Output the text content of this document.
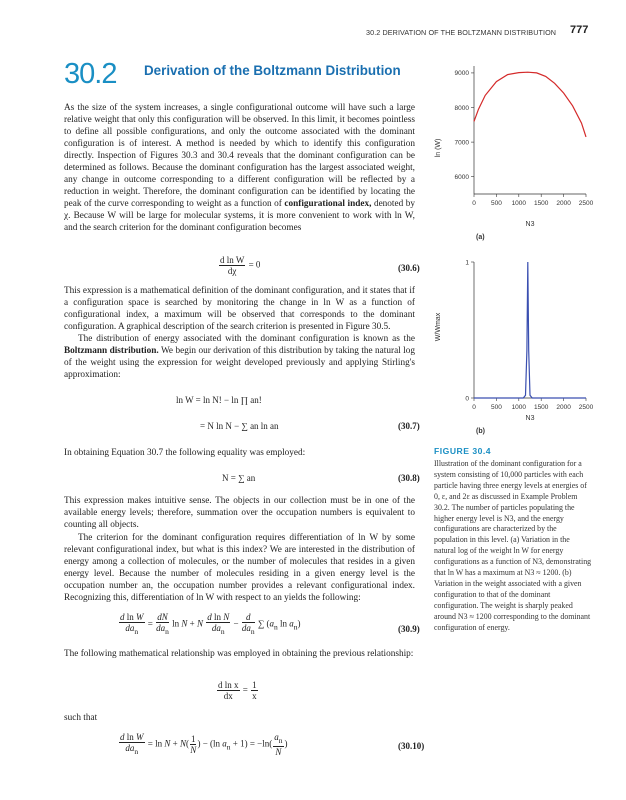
30.2 DERIVATION OF THE BOLTZMANN DISTRIBUTION 777
30.2 Derivation of the Boltzmann Distribution
As the size of the system increases, a single configurational outcome will have such a large relative weight that only this configuration will be observed. In this limit, it becomes pointless to define all possible configurations, and only the outcome associated with the dominant configuration is of interest. A method is needed by which to identify this configuration directly. Inspection of Figures 30.3 and 30.4 reveals that the dominant configuration can be determined as follows. Because the dominant configuration has the largest associated weight, any change in outcome corresponding to a different configuration will be reflected by a reduction in weight. Therefore, the dominant configuration can be identified by locating the peak of the curve corresponding to weight as a function of configurational index, denoted by χ. Because W will be large for molecular systems, it is more convenient to work with ln W, and the search criterion for the dominant configuration becomes
$\frac{\text{d ln W}}{d\chi} = 0$	(30.6)
This expression is a mathematical definition of the dominant configuration, and it states that if a configuration space is searched by monitoring the change in ln W as a function of configurational index, a maximum will be observed that corresponds to the dominant configuration. A graphical description of the search criterion is presented in Figure 30.5.
The distribution of energy associated with the dominant configuration is known as the Boltzmann distribution. We begin our derivation of this distribution by taking the natural log of the weight using the expression for weight developed previously and applying Stirling's approximation:
ln W = ln N! − ln ∏ an!
= N ln N − ∑ an ln an	(30.7)
In obtaining Equation 30.7 the following equality was employed:
N = ∑ an	(30.8)
This expression makes intuitive sense. The objects in our collection must be in one of the available energy levels; therefore, summation over the occupation numbers is equivalent to counting all objects.
The criterion for the dominant configuration requires differentiation of ln W by some relevant configurational index, but what is this index? We are interested in the distribution of energy among a collection of molecules, or the number of molecules that resides in a given energy level. Because the number of molecules residing in a given energy level is the occupation number an, the occupation number provides a relevant configurational index. Recognizing this, differentiation of ln W with respect to an yields the following:
d ln W
$da_n$
=
dN
$da_n$
ln N + N
d ln N
$da_n$
−
d
$da_n$
∑ ($a_n$ $\ln a_n$)
(30.9)
The following mathematical relationship was employed in obtaining the previous relationship:
$\frac{\text{d ln x}}{dx} = \frac{1}{x}$
such that
d ln W
$da_n$
= $\ln N + N( \frac{1}{N}$ ) − (ln $a_n + 1) = -\ln( \frac{a_n}{N}$ )	(30.10)
0 500 1000 1500 2000 2500
6000
7000
8000
9000
ln (W)
N3
(a)
0 500 1000 1500 2000 2500
0
1
W/Wmax
N3
(b)
FIGURE 30.4
Illustration of the dominant configuration for a system consisting of 10,000 particles with each particle having three energy levels at energies of 0, ε, and 2ε as discussed in Example Problem 30.2. The number of particles populating the higher energy level is N3, and the energy configurations are characterized by the population in this level. (a) Variation in the natural log of the weight ln W for energy configurations as a function of N3, demonstrating that ln W has a maximum at N3 ≈ 1200. (b) Variation in the weight associated with a given configuration to that of the dominant configuration. The weight is sharply peaked around N3 ≈ 1200 corresponding to the dominant configuration of energy.
